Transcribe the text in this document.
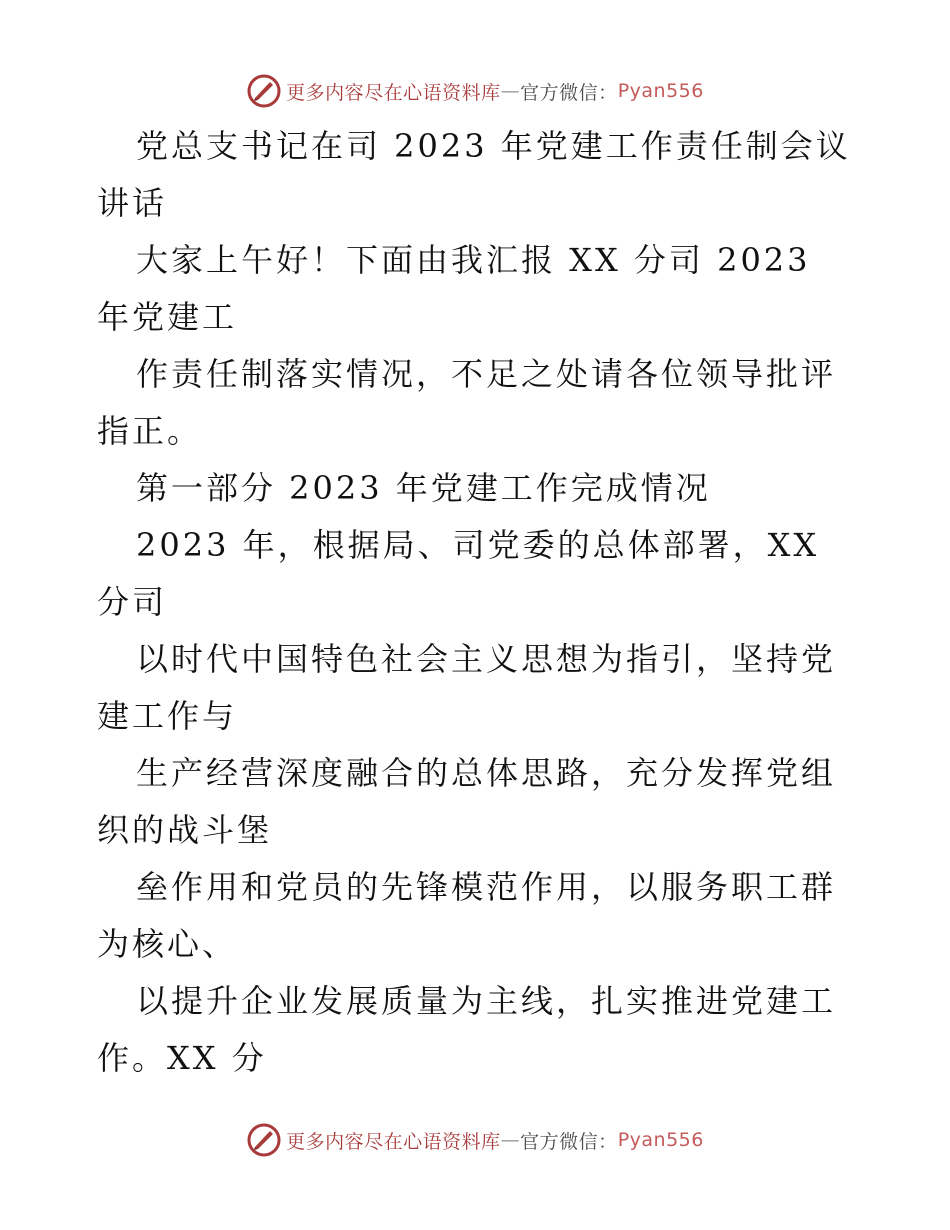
更多内容尽在心语资料库 — 官方微信： Pyan556

党总支书记在司 2023 年党建工作责任制会议讲话

大家上午好！下面由我汇报 XX 分司 2023 年党建工

作责任制落实情况，不足之处请各位领导批评指正。

第一部分 2023 年党建工作完成情况

2023 年，根据局、司党委的总体部署，XX 分司

以时代中国特色社会主义思想为指引，坚持党建工作与

生产经营深度融合的总体思路，充分发挥党组织的战斗堡

垒作用和党员的先锋模范作用，以服务职工群为核心、

以提升企业发展质量为主线，扎实推进党建工作。XX 分

更多内容尽在心语资料库 — 官方微信： Pyan556
